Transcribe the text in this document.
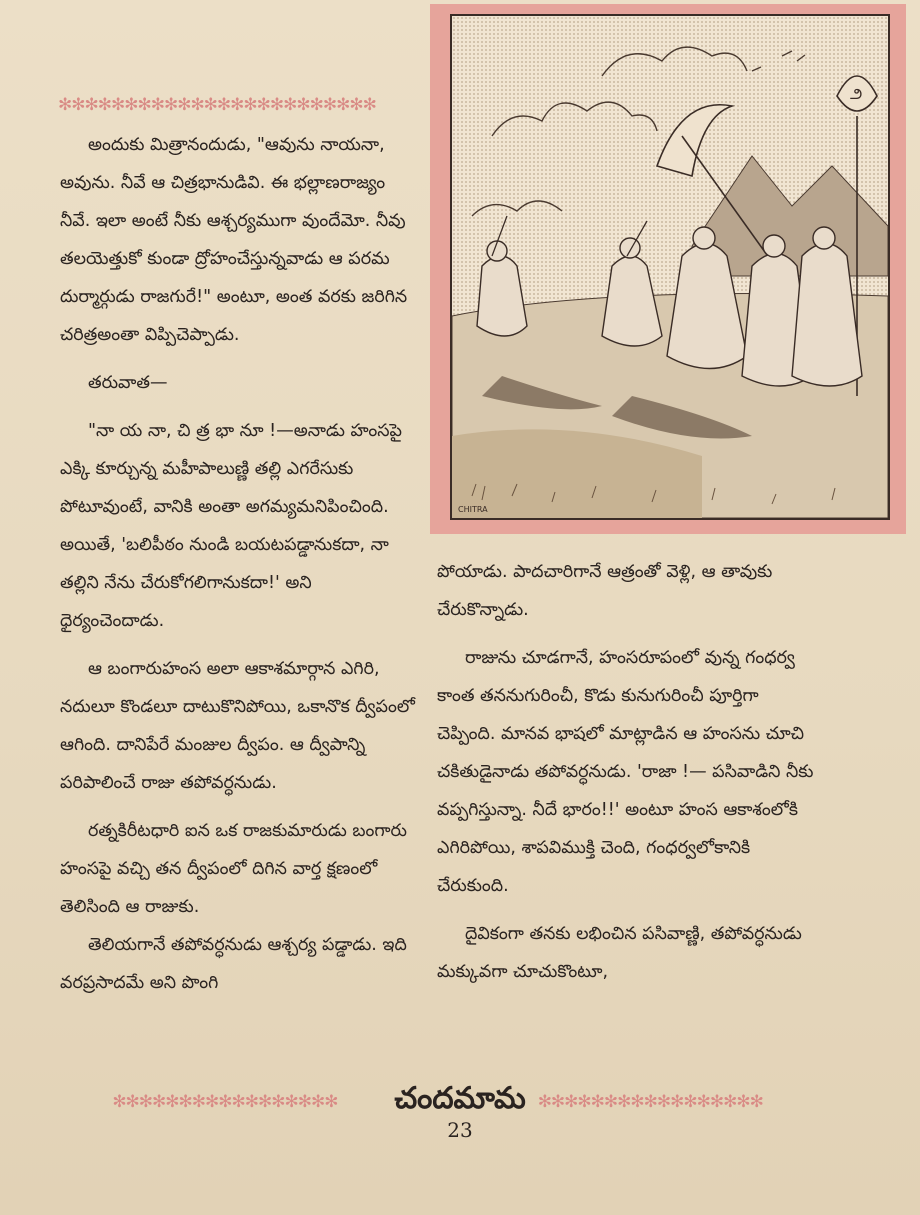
✻✻✻✻✻✻✻✻✻✻✻✻✻✻✻✻✻✻✻✻✻✻✻✻

అందుకు మిత్రానందుడు, "ఆవును నాయనా, అవును. నీవే ఆ చిత్రభానుడివి. ఈ భల్లాణరాజ్యం నీవే. ఇలా అంటే నీకు ఆశ్చర్యముగా వుందేమో. నీవు తలయెత్తుకో కుండా ద్రోహంచేస్తున్నవాడు ఆ పరమ దుర్మార్గుడు రాజగురే!" అంటూ, అంత వరకు జరిగిన చరిత్రఅంతా విప్పిచెప్పాడు.

తరువాత—

"నా య నా, చి త్ర భా నూ !—అనాడు హంసపై ఎక్కి కూర్చున్న మహీపాలుణ్ణి తల్లి ఎగరేసుకు పోటూవుంటే, వానికి అంతా అగమ్యమనిపించింది. అయితే, 'బలిపీఠం నుండి బయటపడ్డానుకదా, నా తల్లిని నేను చేరుకోగలిగానుకదా!' అని ధైర్యంచెందాడు.

ఆ బంగారుహంస అలా ఆకాశమార్గాన ఎగిరి, నదులూ కొండలూ దాటుకొనిపోయి, ఒకానొక ద్వీపంలో ఆగింది. దానిపేరే మంజుల ద్వీపం. ఆ ద్వీపాన్ని పరిపాలించే రాజు తపోవర్ధనుడు.

రత్నకిరీటధారి ఐన ఒక రాజకుమారుడు బంగారు హంసపై వచ్చి తన ద్వీపంలో దిగిన వార్త క్షణంలో తెలిసింది ఆ రాజుకు.

తెలియగానే తపోవర్ధనుడు ఆశ్చర్య పడ్డాడు. ఇది వరప్రసాదమే అని పొంగి

౨
CHITRA

పోయాడు. పాదచారిగానే ఆత్రంతో వెళ్లి, ఆ తావుకు చేరుకొన్నాడు.

రాజును చూడగానే, హంసరూపంలో వున్న గంధర్వ కాంత తననుగురించీ, కొడు కునుగురించీ పూర్తిగా చెప్పింది. మానవ భాషలో మాట్లాడిన ఆ హంసను చూచి చకితుడైనాడు తపోవర్ధనుడు. 'రాజా !— పసివాడిని నీకు వప్పగిస్తున్నా. నీదే భారం!!' అంటూ హంస ఆకాశంలోకి ఎగిరిపోయి, శాపవిముక్తి చెంది, గంధర్వలోకానికి చేరుకుంది.

దైవికంగా తనకు లభించిన పసివాణ్ణి, తపోవర్ధనుడు మక్కువగా చూచుకొంటూ,

✻✻✻✻✻✻✻✻✻✻✻✻✻✻✻✻✻	చందమామ ✻✻✻✻✻✻✻✻✻✻✻✻✻✻✻✻✻
23
